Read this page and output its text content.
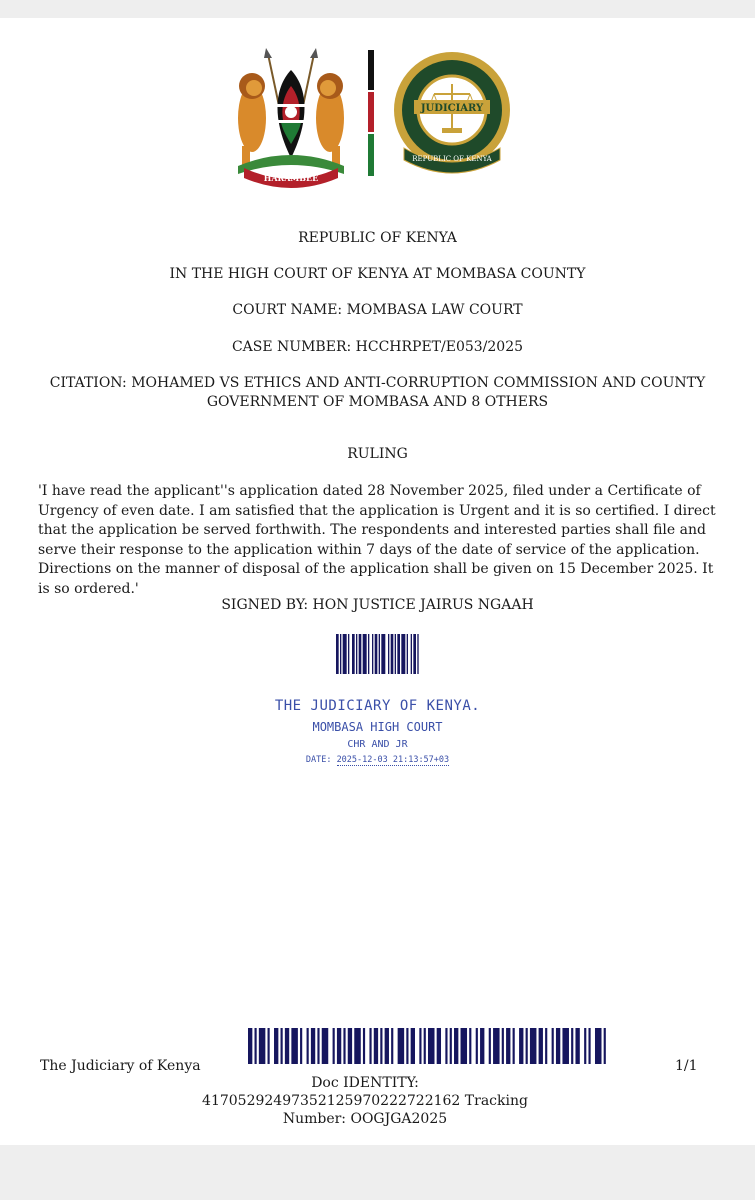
HARAMBEE
JUDICIARY
REPUBLIC OF KENYA
REPUBLIC OF KENYA
IN THE HIGH COURT OF KENYA AT MOMBASA COUNTY
COURT NAME: MOMBASA LAW COURT
CASE NUMBER: HCCHRPET/E053/2025
CITATION: MOHAMED VS ETHICS AND ANTI-CORRUPTION COMMISSION AND COUNTY GOVERNMENT OF MOMBASA AND 8 OTHERS
RULING
'I have read the applicant''s application dated 28 November 2025, filed under a Certificate of Urgency of even date. I am satisfied that the application is Urgent and it is so certified. I direct that the application be served forthwith. The respondents and interested parties shall file and serve their response to the application within 7 days of the date of service of the application. Directions on the manner of disposal of the application shall be given on 15 December 2025. It is so ordered.'
SIGNED BY: HON JUSTICE JAIRUS NGAAH
THE JUDICIARY OF KENYA.
MOMBASA HIGH COURT
CHR AND JR
DATE: 2025-12-03 21:13:57+03
The Judiciary of Kenya
Doc IDENTITY: 41705292497352125970222722162 Tracking Number: OOGJGA2025
1/1
